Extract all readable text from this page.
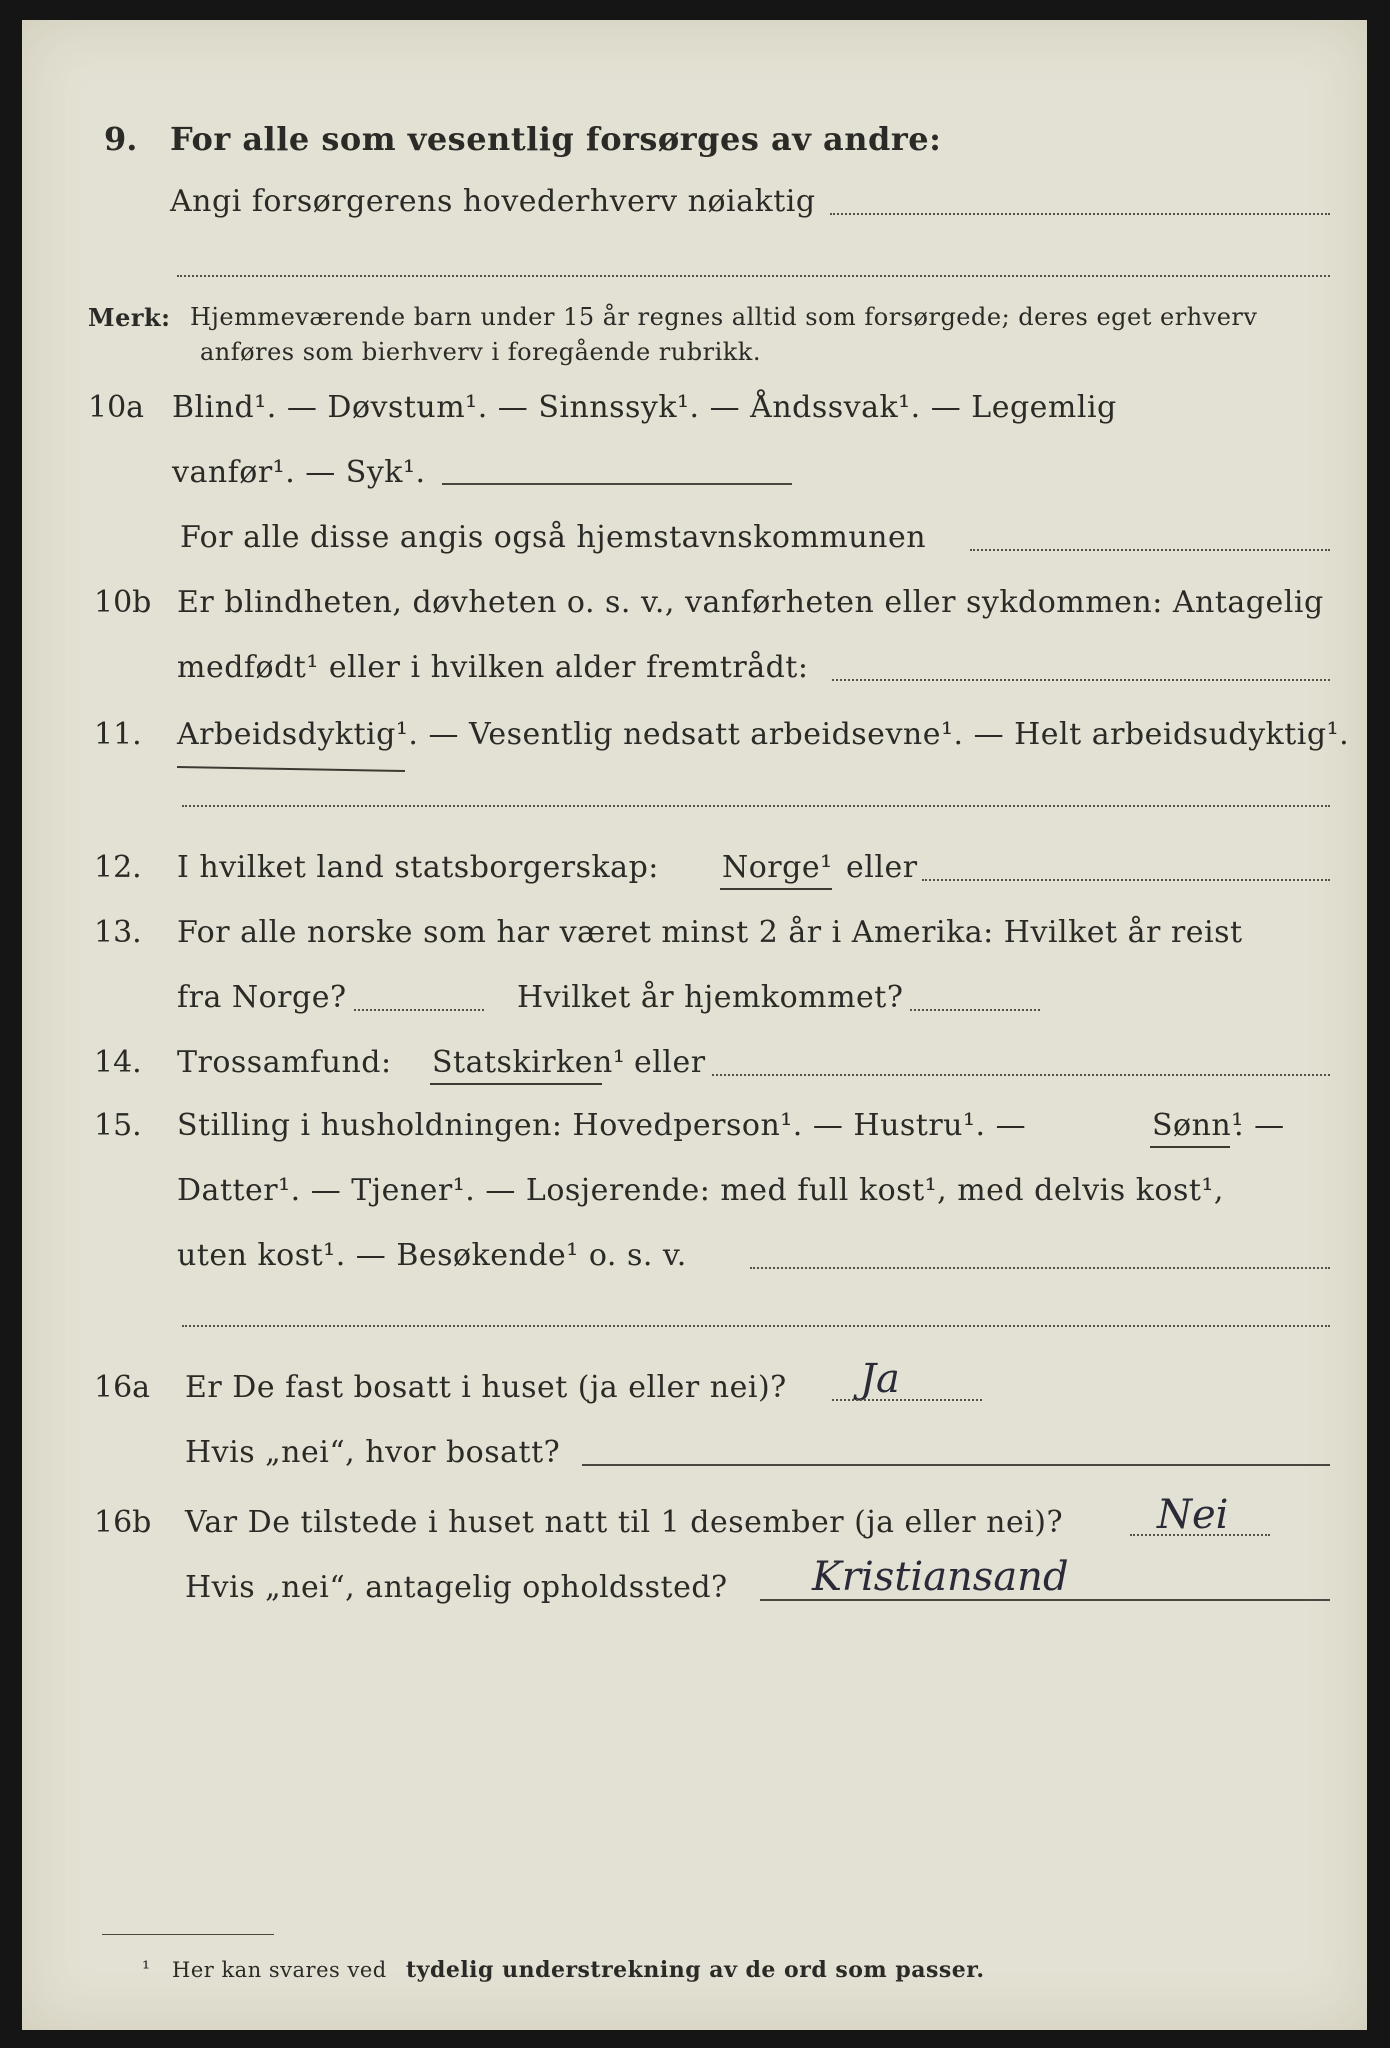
9. For alle som vesentlig forsørges av andre:
Angi forsørgerens hovederhverv nøiaktig
Merk: Hjemmeværende barn under 15 år regnes alltid som forsørgede; deres eget erhverv
anføres som bierhverv i foregående rubrikk.
10a Blind¹. — Døvstum¹. — Sinnssyk¹. — Åndssvak¹. — Legemlig
vanfør¹. — Syk¹.
For alle disse angis også hjemstavnskommunen
10b Er blindheten, døvheten o. s. v., vanførheten eller sykdommen: Antagelig
medfødt¹ eller i hvilken alder fremtrådt:
11. Arbeidsdyktig¹. — Vesentlig nedsatt arbeidsevne¹. — Helt arbeidsudyktig¹.
12. I hvilket land statsborgerskap: Norge¹ eller
13. For alle norske som har været minst 2 år i Amerika: Hvilket år reist
fra Norge?	Hvilket år hjemkommet?
14. Trossamfund: Statskirken¹ eller
15. Stilling i husholdningen: Hovedperson¹. — Hustru¹. —	Sønn¹
. —
Datter¹. — Tjener¹. — Losjerende: med full kost¹, med delvis kost¹,
uten kost¹. — Besøkende¹ o. s. v.
16a Er De fast bosatt i huset (ja eller nei)? Ja
Hvis „nei“, hvor bosatt?
16b Var De tilstede i huset natt til 1 desember (ja eller nei)? Nei
Hvis „nei“, antagelig opholdssted? Kristiansand
¹ Her kan svares ved tydelig understrekning av de ord som passer.
